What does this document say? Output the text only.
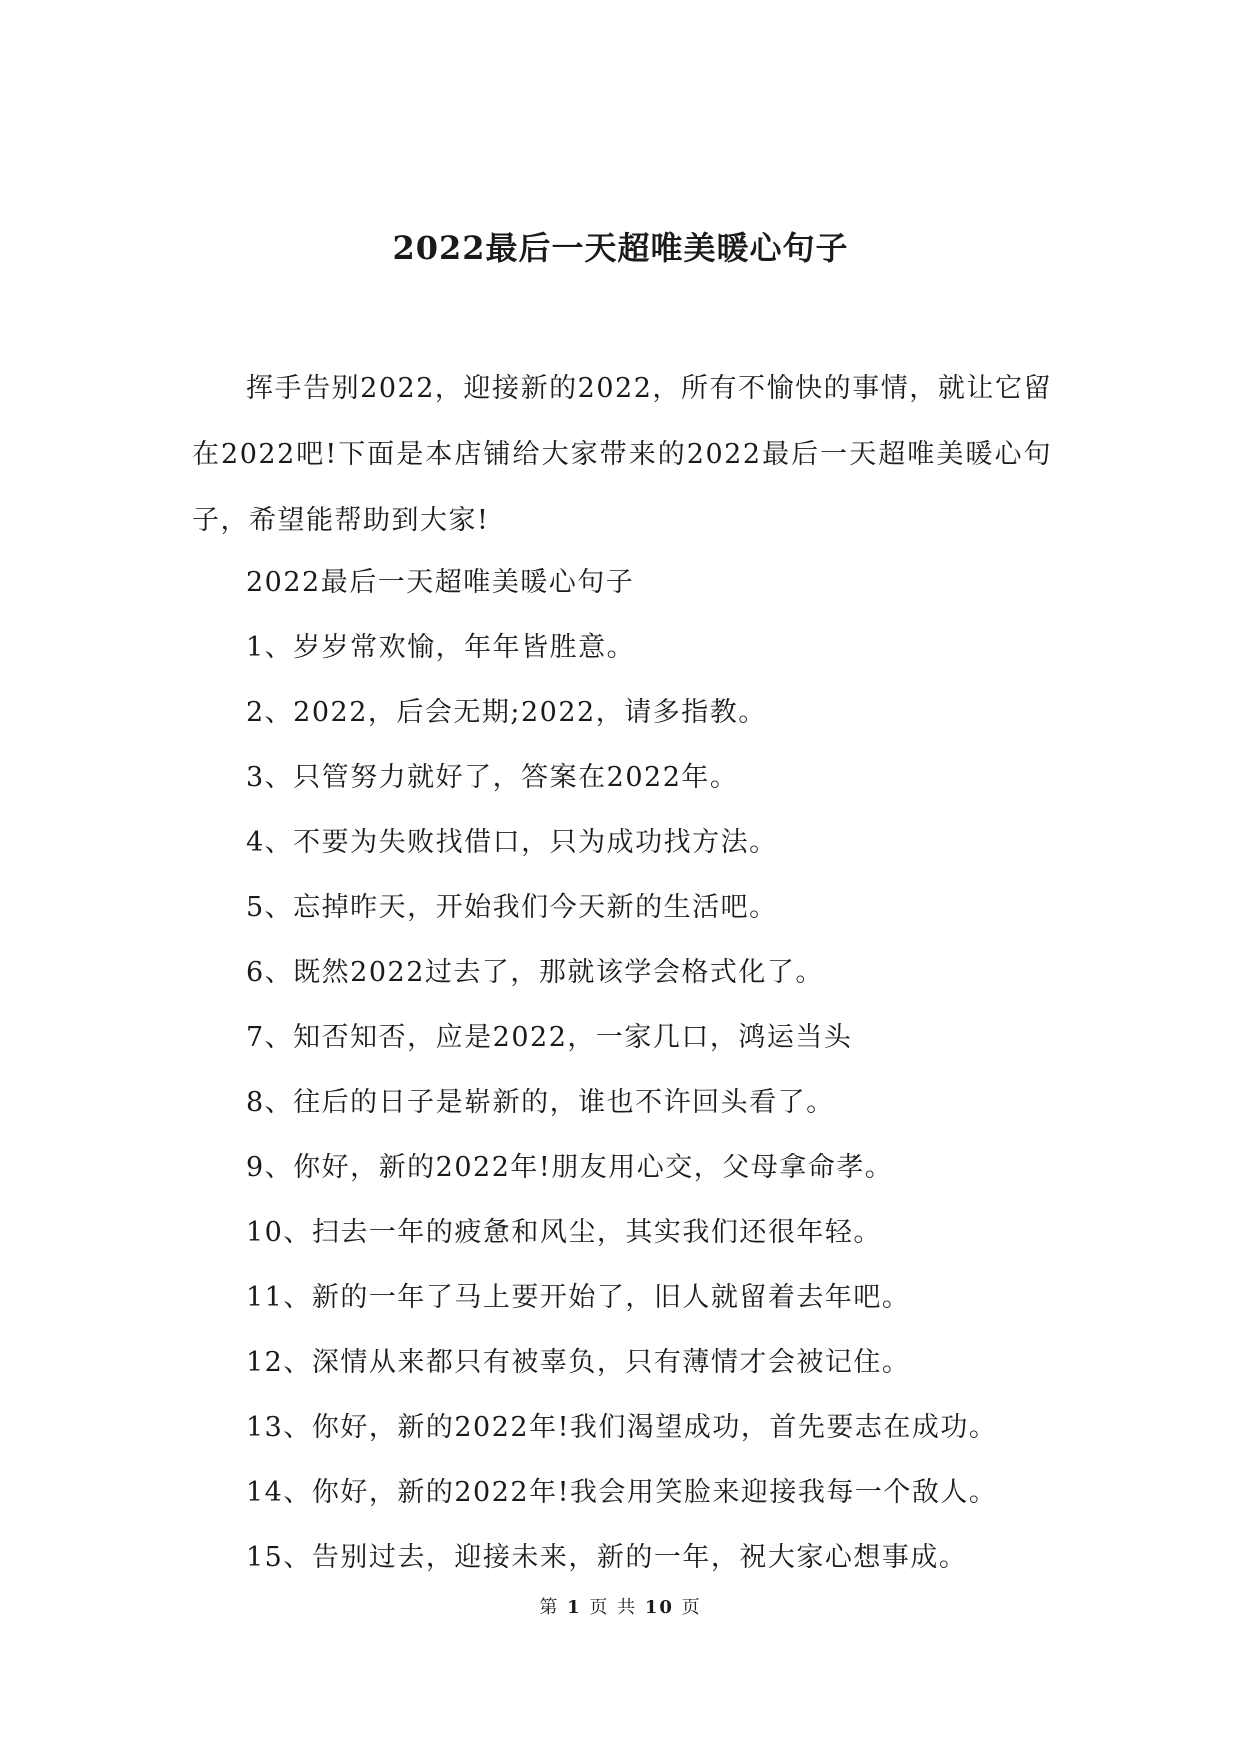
2022最后一天超唯美暖心句子

挥手告别2022，迎接新的2022，所有不愉快的事情，就让它留在2022吧!下面是本店铺给大家带来的2022最后一天超唯美暖心句子，希望能帮助到大家!

2022最后一天超唯美暖心句子

1、岁岁常欢愉，年年皆胜意。

2、2022，后会无期;2022，请多指教。

3、只管努力就好了，答案在2022年。

4、不要为失败找借口，只为成功找方法。

5、忘掉昨天，开始我们今天新的生活吧。

6、既然2022过去了，那就该学会格式化了。

7、知否知否，应是2022，一家几口，鸿运当头

8、往后的日子是崭新的，谁也不许回头看了。

9、你好，新的2022年!朋友用心交，父母拿命孝。

10、扫去一年的疲惫和风尘，其实我们还很年轻。

11、新的一年了马上要开始了，旧人就留着去年吧。

12、深情从来都只有被辜负，只有薄情才会被记住。

13、你好，新的2022年!我们渴望成功，首先要志在成功。

14、你好，新的2022年!我会用笑脸来迎接我每一个敌人。

15、告别过去，迎接未来，新的一年，祝大家心想事成。

第 1 页 共 10 页
